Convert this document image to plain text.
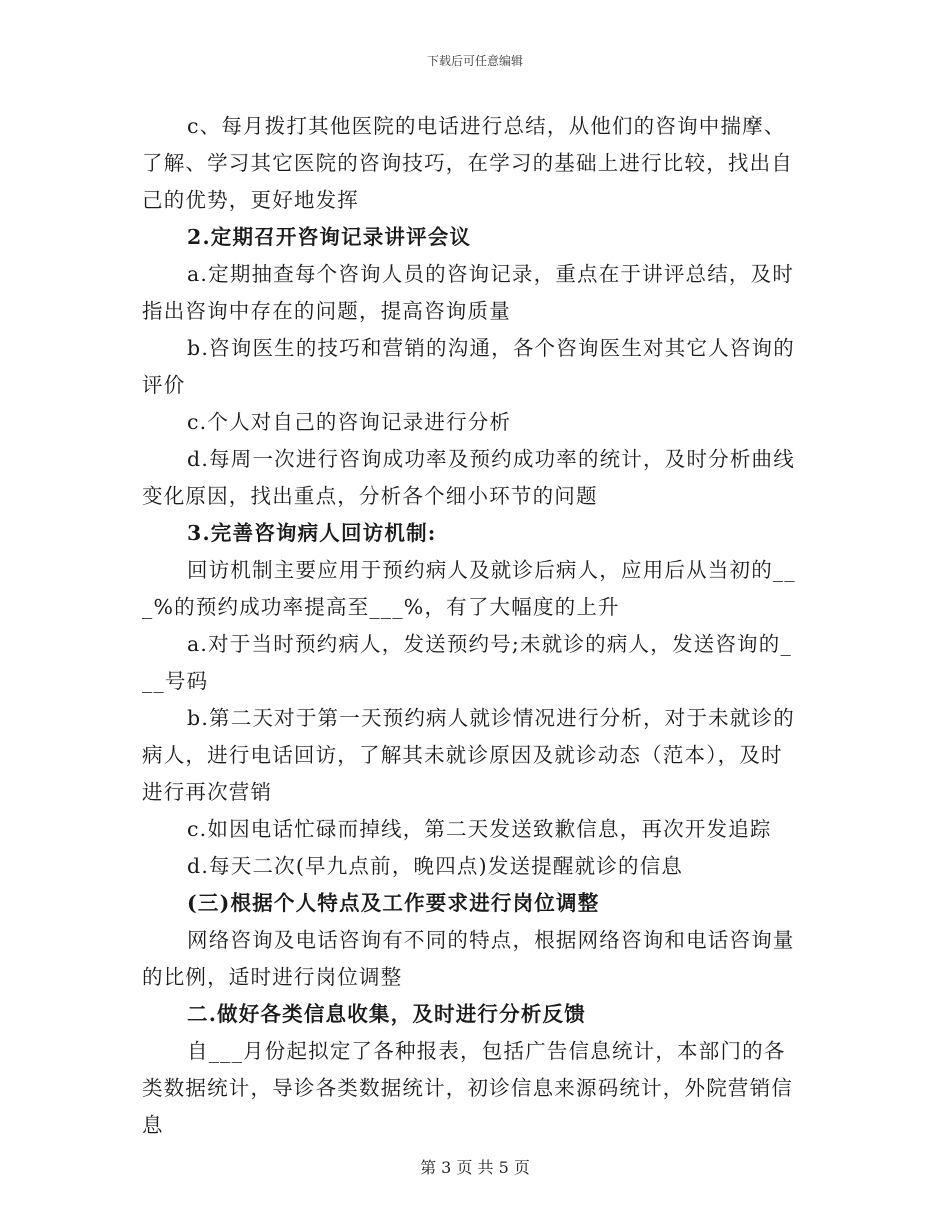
下载后可任意编辑

c、每月拨打其他医院的电话进行总结，从他们的咨询中揣摩、了解、学习其它医院的咨询技巧，在学习的基础上进行比较，找出自己的优势，更好地发挥

2.定期召开咨询记录讲评会议

a.定期抽查每个咨询人员的咨询记录，重点在于讲评总结，及时指出咨询中存在的问题，提高咨询质量

b.咨询医生的技巧和营销的沟通，各个咨询医生对其它人咨询的评价

c.个人对自己的咨询记录进行分析

d.每周一次进行咨询成功率及预约成功率的统计，及时分析曲线变化原因，找出重点，分析各个细小环节的问题

3.完善咨询病人回访机制:

回访机制主要应用于预约病人及就诊后病人，应用后从当初的___%的预约成功率提高至___%，有了大幅度的上升

a.对于当时预约病人，发送预约号;未就诊的病人，发送咨询的___号码

b.第二天对于第一天预约病人就诊情况进行分析，对于未就诊的病人，进行电话回访，了解其未就诊原因及就诊动态（范本），及时进行再次营销

c.如因电话忙碌而掉线，第二天发送致歉信息，再次开发追踪

d.每天二次(早九点前，晚四点)发送提醒就诊的信息

(三)根据个人特点及工作要求进行岗位调整

网络咨询及电话咨询有不同的特点，根据网络咨询和电话咨询量的比例，适时进行岗位调整

二.做好各类信息收集，及时进行分析反馈

自___月份起拟定了各种报表，包括广告信息统计，本部门的各类数据统计，导诊各类数据统计，初诊信息来源码统计，外院营销信息

第 3 页 共 5 页
